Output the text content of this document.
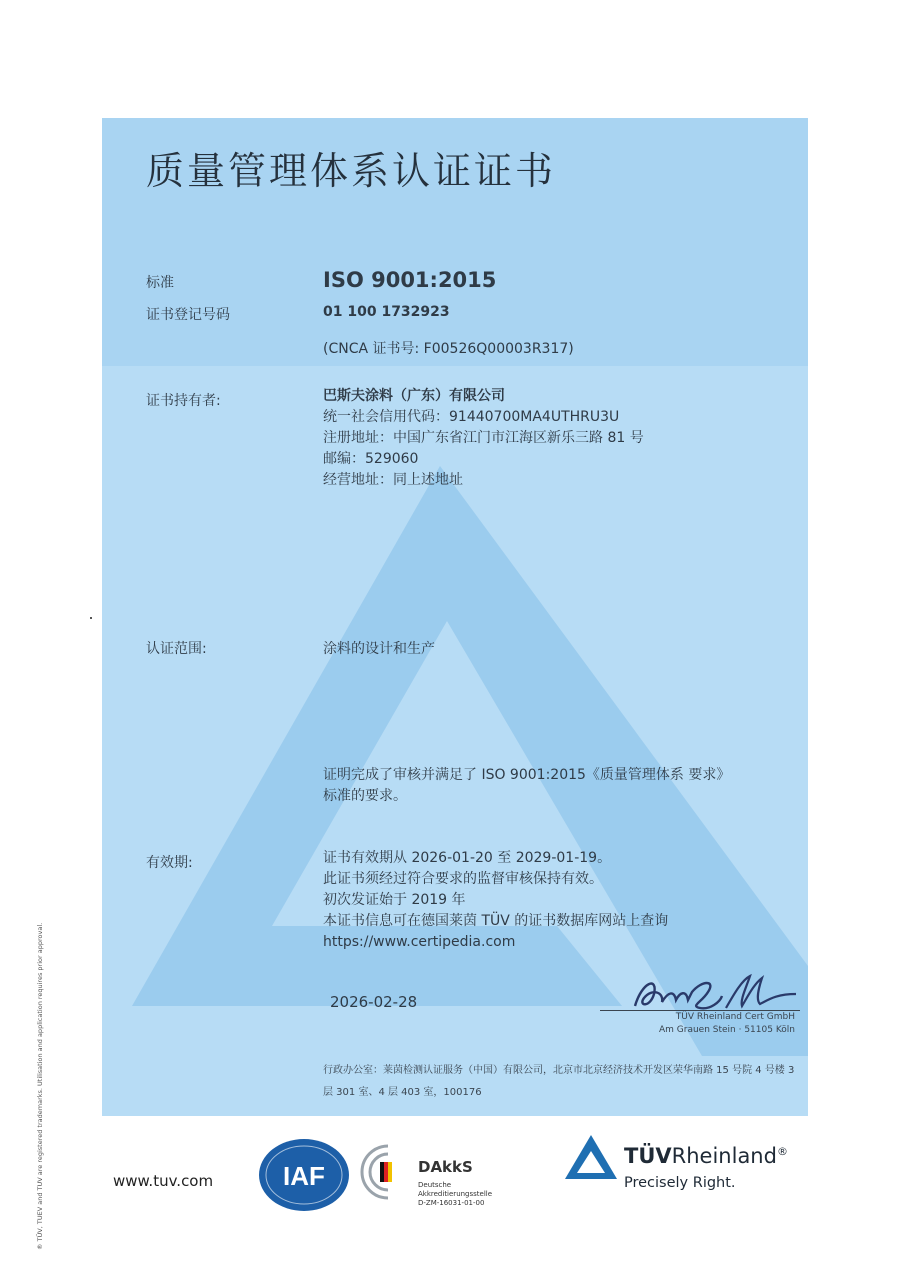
质量管理体系认证证书
标准	ISO 9001:2015
证书登记号码	01 100 1732923
(CNCA 证书号: F00526Q00003R317)
证书持有者:	巴斯夫涂料（广东）有限公司
统一社会信用代码：91440700MA4UTHRU3U
注册地址：中国广东省江门市江海区新乐三路 81 号
邮编：529060
经营地址：同上述地址
认证范围:	涂料的设计和生产
证明完成了审核并满足了 ISO 9001:2015《质量管理体系 要求》
标准的要求。
有效期:	证书有效期从 2026-01-20 至 2029-01-19。
此证书须经过符合要求的监督审核保持有效。
初次发证始于 2019 年
本证书信息可在德国莱茵 TÜV 的证书数据库网站上查询
https://www.certipedia.com
2026-02-28
TÜV Rheinland Cert GmbH
Am Grauen Stein · 51105 Köln
行政办公室：莱茵检测认证服务（中国）有限公司，北京市北京经济技术开发区荣华南路 15 号院 4 号楼 3 层 301 室、4 层 403 室，100176
® TÜV, TUEV and TUV are registered trademarks. Utilisation and application requires prior approval.	www.tuv.com	IAF	DAkkS
Deutsche
Akkreditierungsstelle
D-ZM-16031-01-00
TÜVRheinland®
Precisely Right.
